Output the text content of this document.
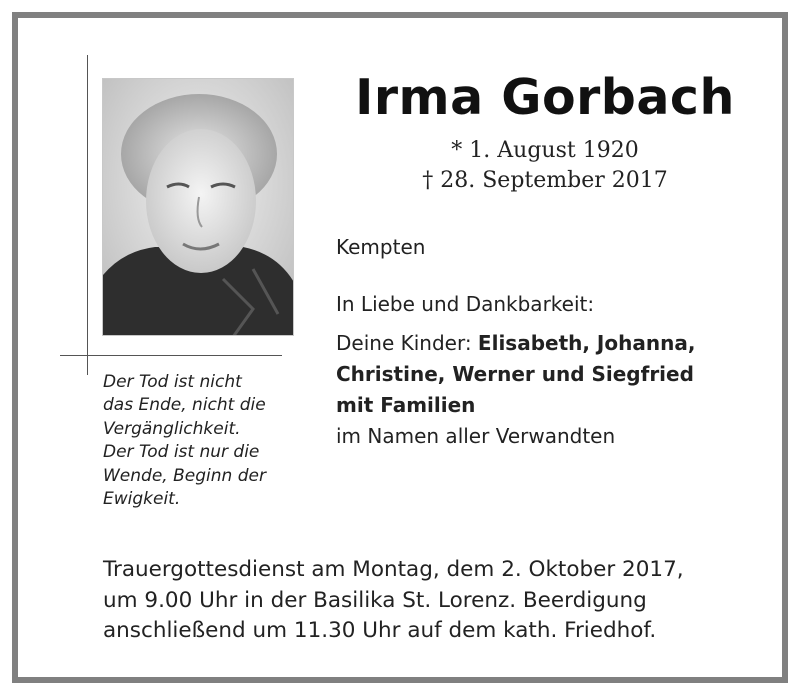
Der Tod ist nicht
das Ende, nicht die
Vergänglichkeit.
Der Tod ist nur die
Wende, Beginn der
Ewigkeit.

Irma Gorbach
* 1. August 1920
† 28. September 2017

Kempten

In Liebe und Dankbarkeit:

Deine Kinder: Elisabeth, Johanna,
Christine, Werner und Siegfried
mit Familien
im Namen aller Verwandten

Trauergottesdienst am Montag, dem 2. Oktober 2017,
um 9.00 Uhr in der Basilika St. Lorenz. Beerdigung
anschließend um 11.30 Uhr auf dem kath. Friedhof.
